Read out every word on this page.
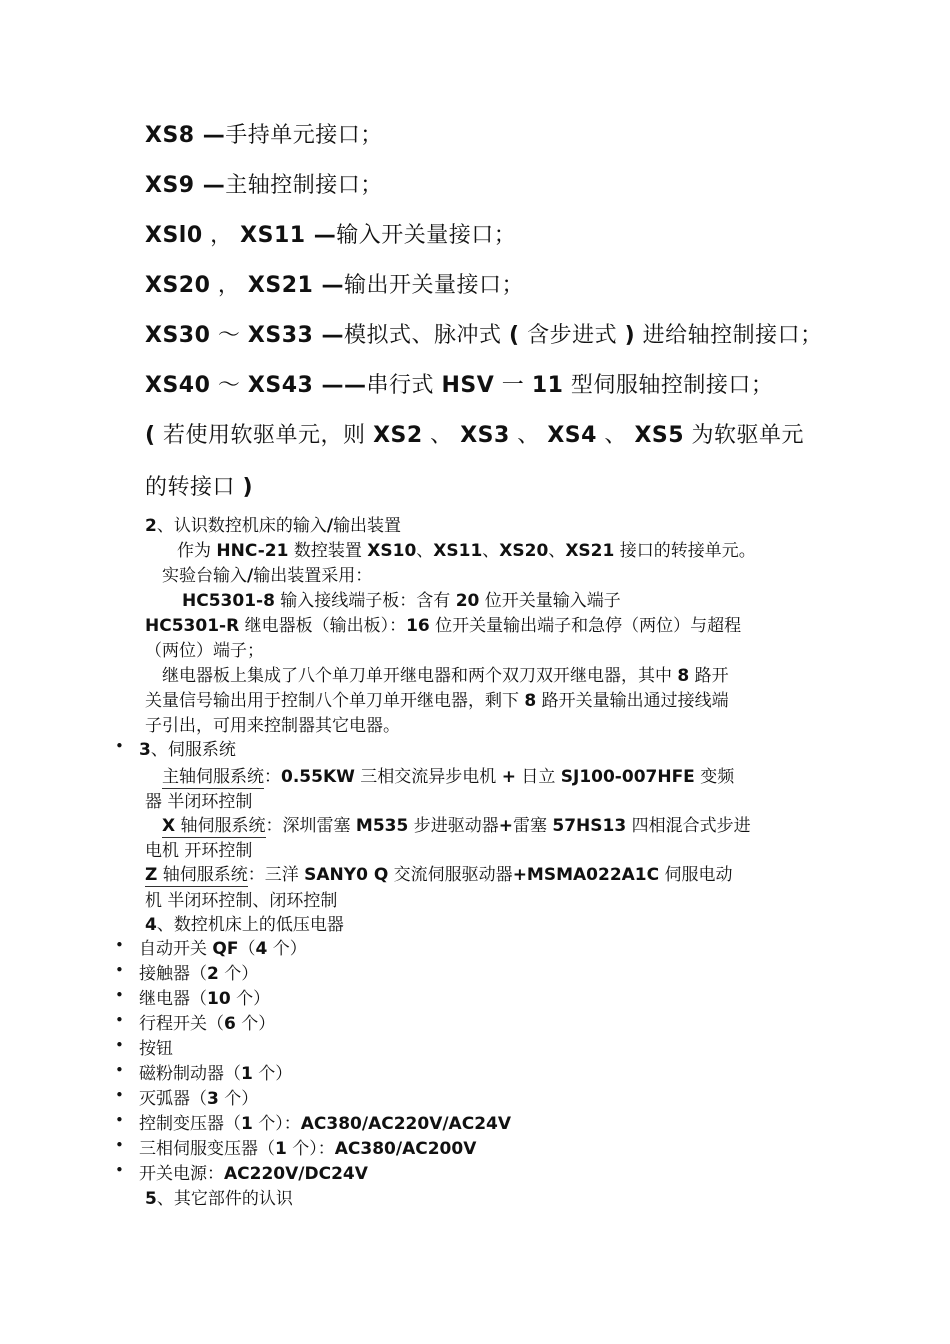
XS8 —手持单元接口；
XS9 —主轴控制接口；
XSl0 ， XS11 —输入开关量接口；
XS20 ， XS21 —输出开关量接口；
XS30 ～ XS33 —模拟式、脉冲式 ( 含步进式 ) 进给轴控制接口；
XS40 ～ XS43 ——串行式 HSV 一 11 型伺服轴控制接口；
( 若使用软驱单元，则 XS2 、 XS3 、 XS4 、 XS5 为软驱单元
的转接口 )
2、认识数控机床的输入/输出装置
作为 HNC-21 数控装置 XS10、XS11、XS20、XS21 接口的转接单元。
实验台输入/输出装置采用：
HC5301-8 输入接线端子板：含有 20 位开关量输入端子
HC5301-R 继电器板（输出板）：16 位开关量输出端子和急停（两位）与超程
（两位）端子；
继电器板上集成了八个单刀单开继电器和两个双刀双开继电器，其中 8 路开
关量信号输出用于控制八个单刀单开继电器，剩下 8 路开关量输出通过接线端
子引出，可用来控制器其它电器。
• 3、伺服系统
主轴伺服系统：0.55KW 三相交流异步电机 + 日立 SJ100-007HFE 变频
器 半闭环控制
X 轴伺服系统：深圳雷塞 M535 步进驱动器+雷塞 57HS13 四相混合式步进
电机 开环控制
Z 轴伺服系统：三洋 SANY0 Q 交流伺服驱动器+MSMA022A1C 伺服电动
机 半闭环控制、闭环控制
4、数控机床上的低压电器
• 自动开关 QF（4 个）
• 接触器（2 个）
• 继电器（10 个）
• 行程开关（6 个）
• 按钮
• 磁粉制动器（1 个）
• 灭弧器（3 个）
• 控制变压器（1 个）：AC380/AC220V/AC24V
• 三相伺服变压器（1 个）：AC380/AC200V
• 开关电源：AC220V/DC24V
5、其它部件的认识
